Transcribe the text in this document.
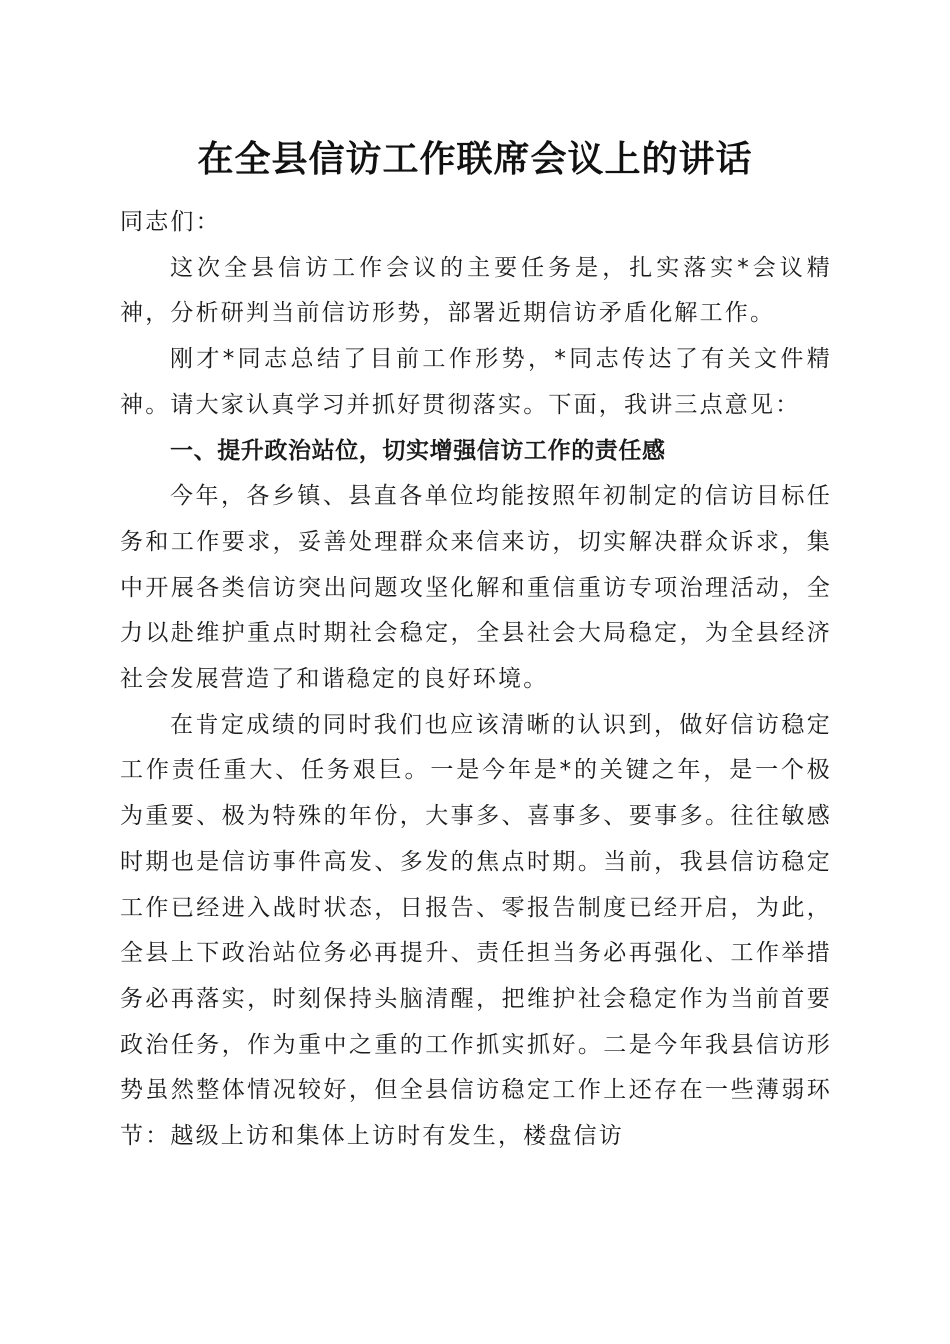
在全县信访工作联席会议上的讲话

同志们：

这次全县信访工作会议的主要任务是，扎实落实*会议精神，分析研判当前信访形势，部署近期信访矛盾化解工作。

刚才*同志总结了目前工作形势，*同志传达了有关文件精神。请大家认真学习并抓好贯彻落实。下面，我讲三点意见：

一、提升政治站位，切实增强信访工作的责任感

今年，各乡镇、县直各单位均能按照年初制定的信访目标任务和工作要求，妥善处理群众来信来访，切实解决群众诉求，集中开展各类信访突出问题攻坚化解和重信重访专项治理活动，全力以赴维护重点时期社会稳定，全县社会大局稳定，为全县经济社会发展营造了和谐稳定的良好环境。

在肯定成绩的同时我们也应该清晰的认识到，做好信访稳定工作责任重大、任务艰巨。一是今年是*的关键之年，是一个极为重要、极为特殊的年份，大事多、喜事多、要事多。往往敏感时期也是信访事件高发、多发的焦点时期。当前，我县信访稳定工作已经进入战时状态，日报告、零报告制度已经开启，为此，全县上下政治站位务必再提升、责任担当务必再强化、工作举措务必再落实，时刻保持头脑清醒，把维护社会稳定作为当前首要政治任务，作为重中之重的工作抓实抓好。二是今年我县信访形势虽然整体情况较好，但全县信访稳定工作上还存在一些薄弱环节：越级上访和集体上访时有发生，楼盘信访
